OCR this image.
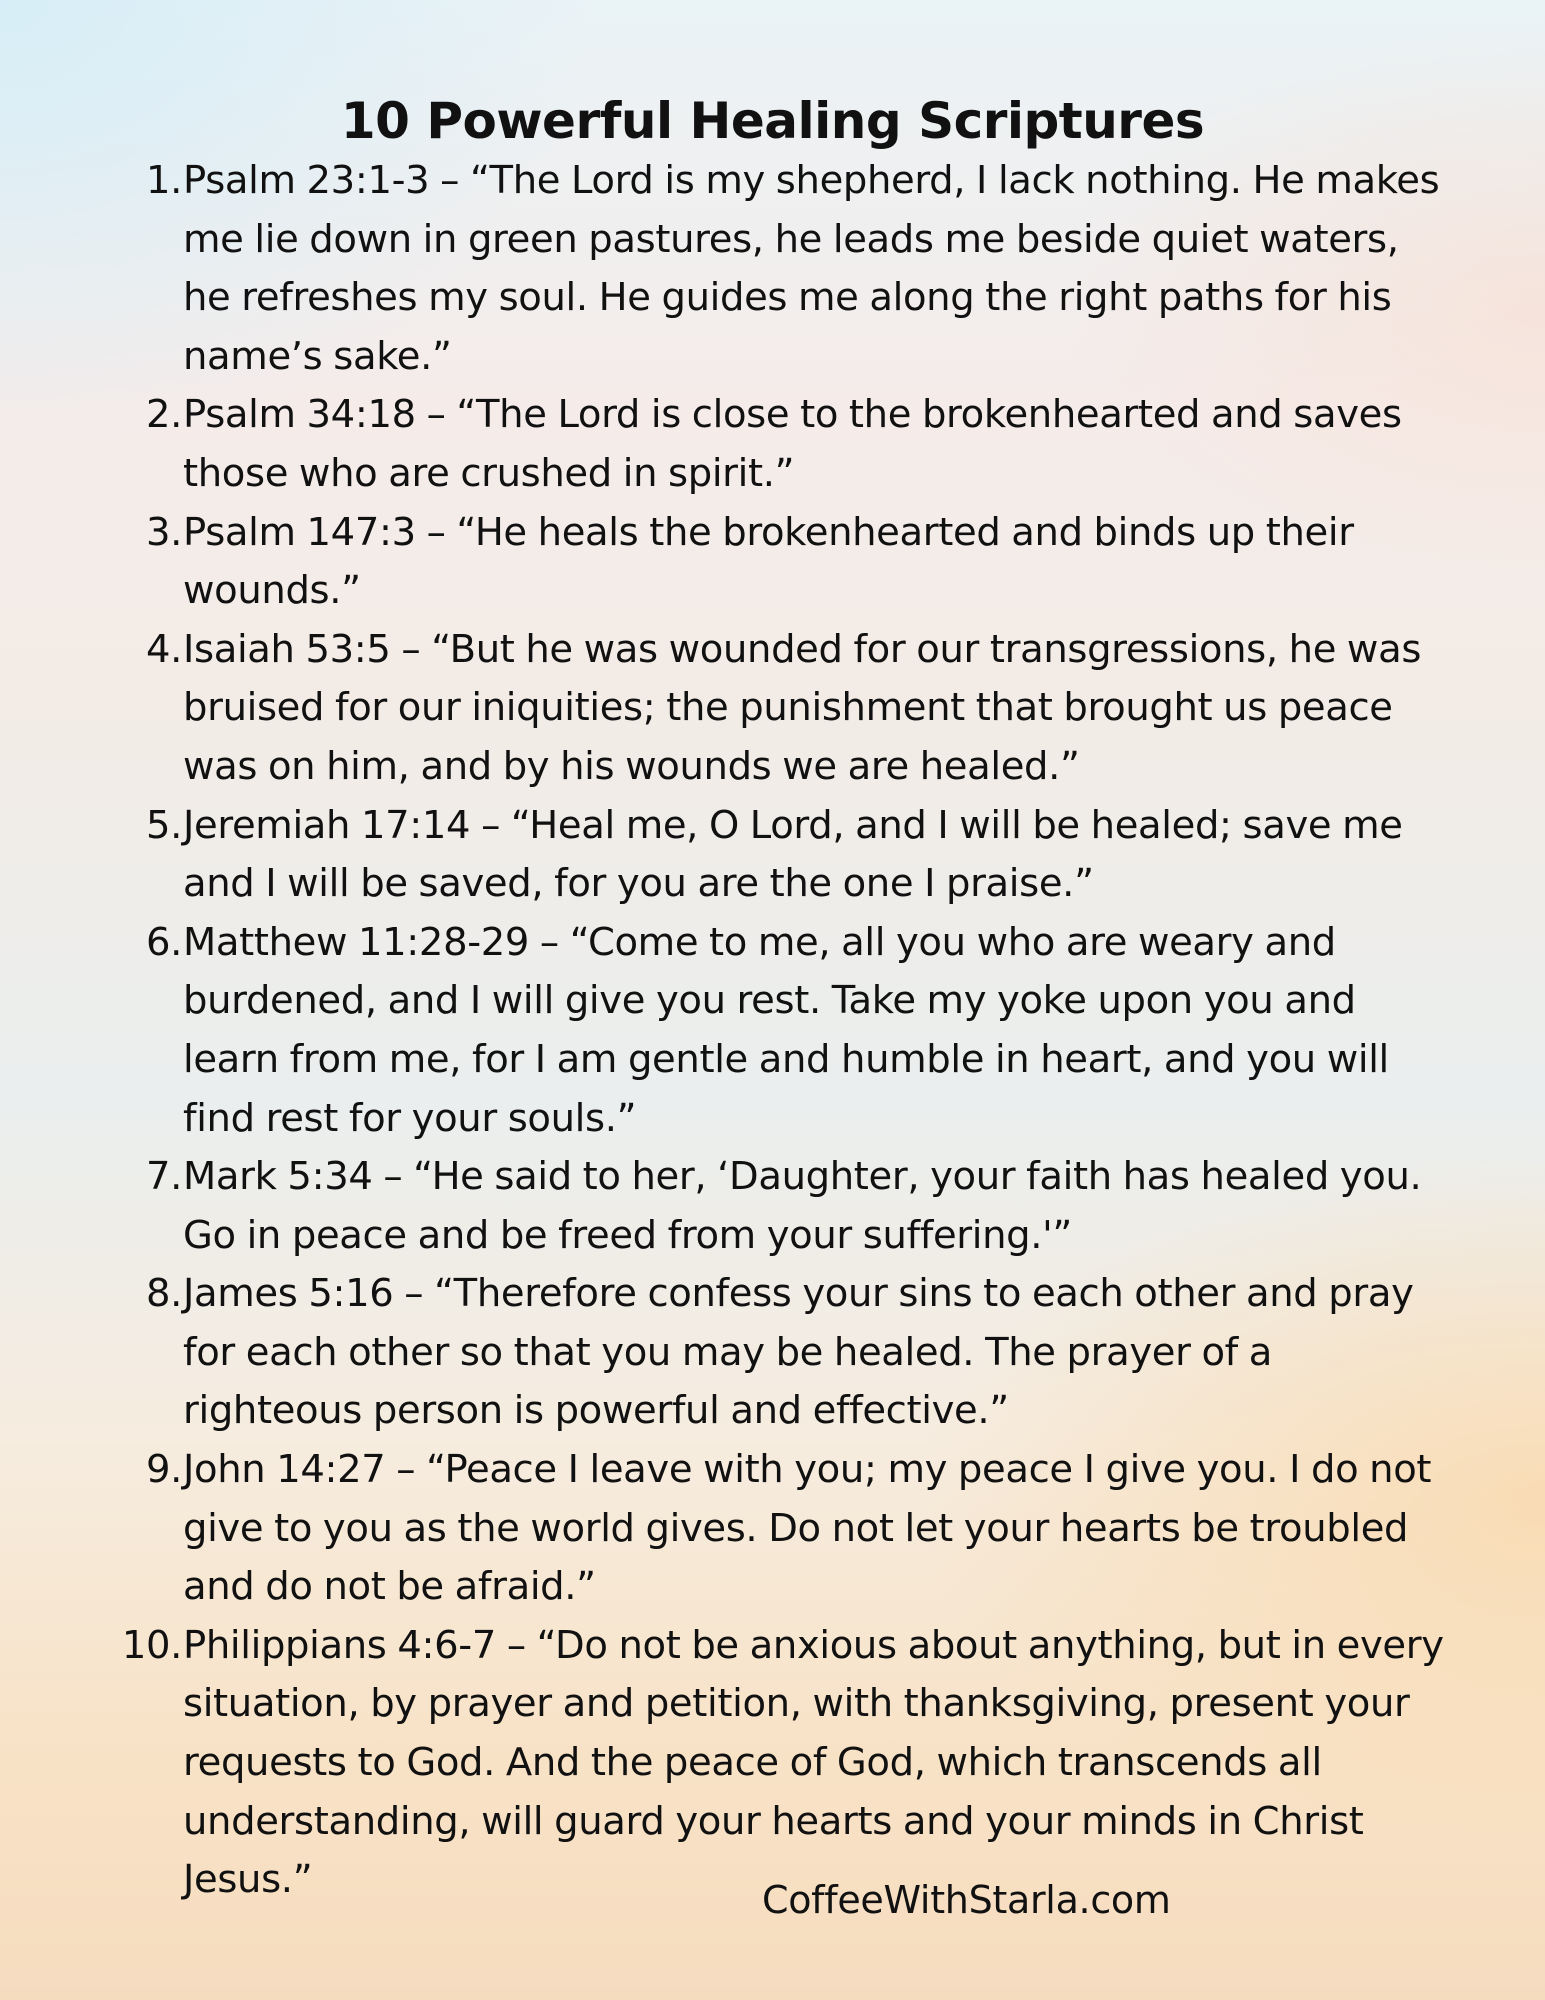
10 Powerful Healing Scriptures
1. Psalm 23:1-3 – “The Lord is my shepherd, I lack nothing. He makes me lie down in green pastures, he leads me beside quiet waters, he refreshes my soul. He guides me along the right paths for his name’s sake.”
2. Psalm 34:18 – “The Lord is close to the brokenhearted and saves those who are crushed in spirit.”
3. Psalm 147:3 – “He heals the brokenhearted and binds up their wounds.”
4. Isaiah 53:5 – “But he was wounded for our transgressions, he was bruised for our iniquities; the punishment that brought us peace was on him, and by his wounds we are healed.”
5. Jeremiah 17:14 – “Heal me, O Lord, and I will be healed; save me and I will be saved, for you are the one I praise.”
6. Matthew 11:28-29 – “Come to me, all you who are weary and burdened, and I will give you rest. Take my yoke upon you and learn from me, for I am gentle and humble in heart, and you will find rest for your souls.”
7. Mark 5:34 – “He said to her, ‘Daughter, your faith has healed you. Go in peace and be freed from your suffering.'”
8. James 5:16 – “Therefore confess your sins to each other and pray for each other so that you may be healed. The prayer of a righteous person is powerful and effective.”
9. John 14:27 – “Peace I leave with you; my peace I give you. I do not give to you as the world gives. Do not let your hearts be troubled and do not be afraid.”
10. Philippians 4:6-7 – “Do not be anxious about anything, but in every situation, by prayer and petition, with thanksgiving, present your requests to God. And the peace of God, which transcends all understanding, will guard your hearts and your minds in Christ Jesus.”	CoffeeWithStarla.com
